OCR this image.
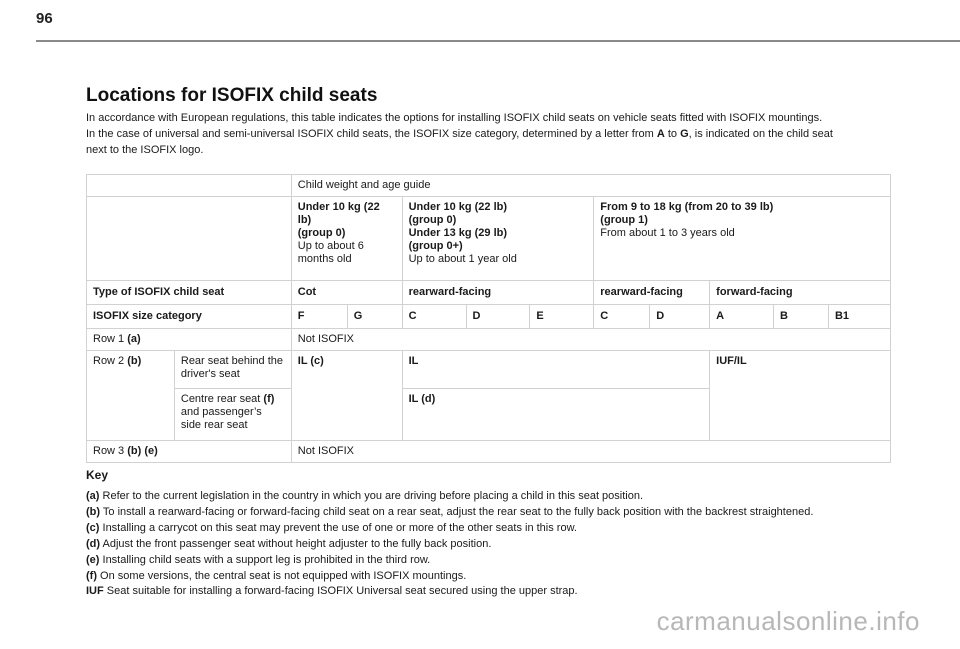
96
Locations for ISOFIX child seats

In accordance with European regulations, this table indicates the options for installing ISOFIX child seats on vehicle seats fitted with ISOFIX mountings.
In the case of universal and semi-universal ISOFIX child seats, the ISOFIX size category, determined by a letter from A to G, is indicated on the child seat
next to the ISOFIX logo.

		Child weight and age guide									
		Under 10 kg (22
lb)
(group 0)
Up to about 6
months old		Under 10 kg (22 lb)
(group 0)
Under 13 kg (29 lb)
(group 0+)
Up to about 1 year old			From 9 to 18 kg (from 20 to 39 lb)
(group 1)
From about 1 to 3 years old				
Type of ISOFIX child seat		Cot		rearward-facing			rearward-facing		forward-facing		
ISOFIX size category		F	G	C	D	E	C	D	A	B	B1
Row 1 (a)		Not ISOFIX									
Row 2 (b)	Rear seat behind the driver's seat	IL (c)		IL					IUF/IL		
	Centre rear seat (f) and passenger’s side rear seat			IL (d)							
Row 3 (b) (e)		Not ISOFIX									
Key
(a) Refer to the current legislation in the country in which you are driving before placing a child in this seat position.
(b) To install a rearward-facing or forward-facing child seat on a rear seat, adjust the rear seat to the fully back position with the backrest straightened.
(c) Installing a carrycot on this seat may prevent the use of one or more of the other seats in this row.
(d) Adjust the front passenger seat without height adjuster to the fully back position.
(e) Installing child seats with a support leg is prohibited in the third row.
(f) On some versions, the central seat is not equipped with ISOFIX mountings.
IUF Seat suitable for installing a forward-facing ISOFIX Universal seat secured using the upper strap.
carmanualsonline.info
